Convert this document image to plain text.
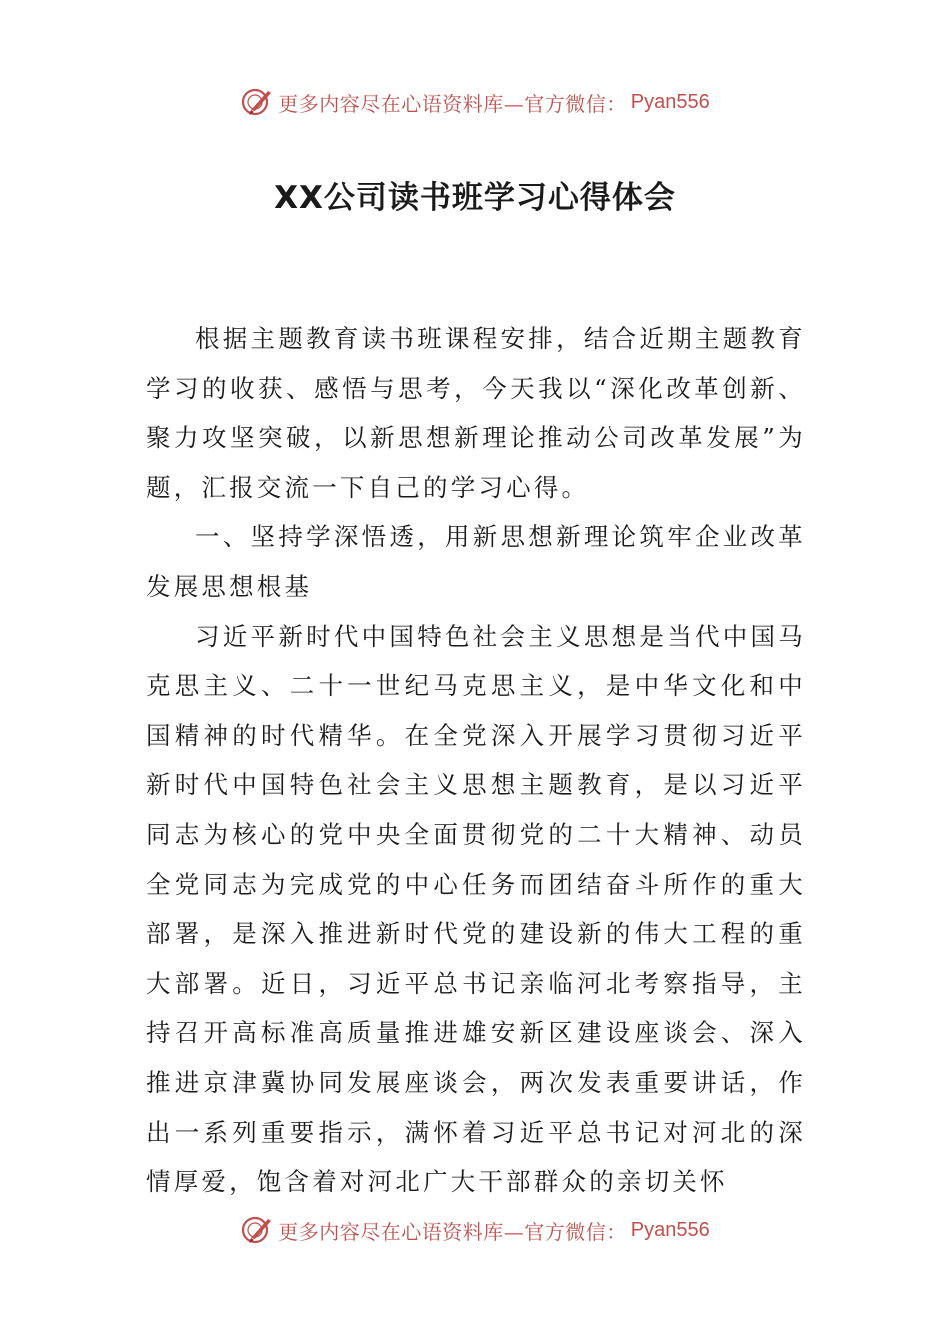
更多内容尽在心语资料库—官方微信： Pyan556
XX公司读书班学习心得体会

根据主题教育读书班课程安排，结合近期主题教育学习的收获、感悟与思考，今天我以“深化改革创新、聚力攻坚突破，以新思想新理论推动公司改革发展”为题，汇报交流一下自己的学习心得。

一、坚持学深悟透，用新思想新理论筑牢企业改革发展思想根基

习近平新时代中国特色社会主义思想是当代中国马克思主义、二十一世纪马克思主义，是中华文化和中国精神的时代精华。在全党深入开展学习贯彻习近平新时代中国特色社会主义思想主题教育，是以习近平同志为核心的党中央全面贯彻党的二十大精神、动员全党同志为完成党的中心任务而团结奋斗所作的重大部署，是深入推进新时代党的建设新的伟大工程的重大部署。近日，习近平总书记亲临河北考察指导，主持召开高标准高质量推进雄安新区建设座谈会、深入推进京津冀协同发展座谈会，两次发表重要讲话，作出一系列重要指示，满怀着习近平总书记对河北的深情厚爱，饱含着对河北广大干部群众的亲切关怀

更多内容尽在心语资料库—官方微信： Pyan556
